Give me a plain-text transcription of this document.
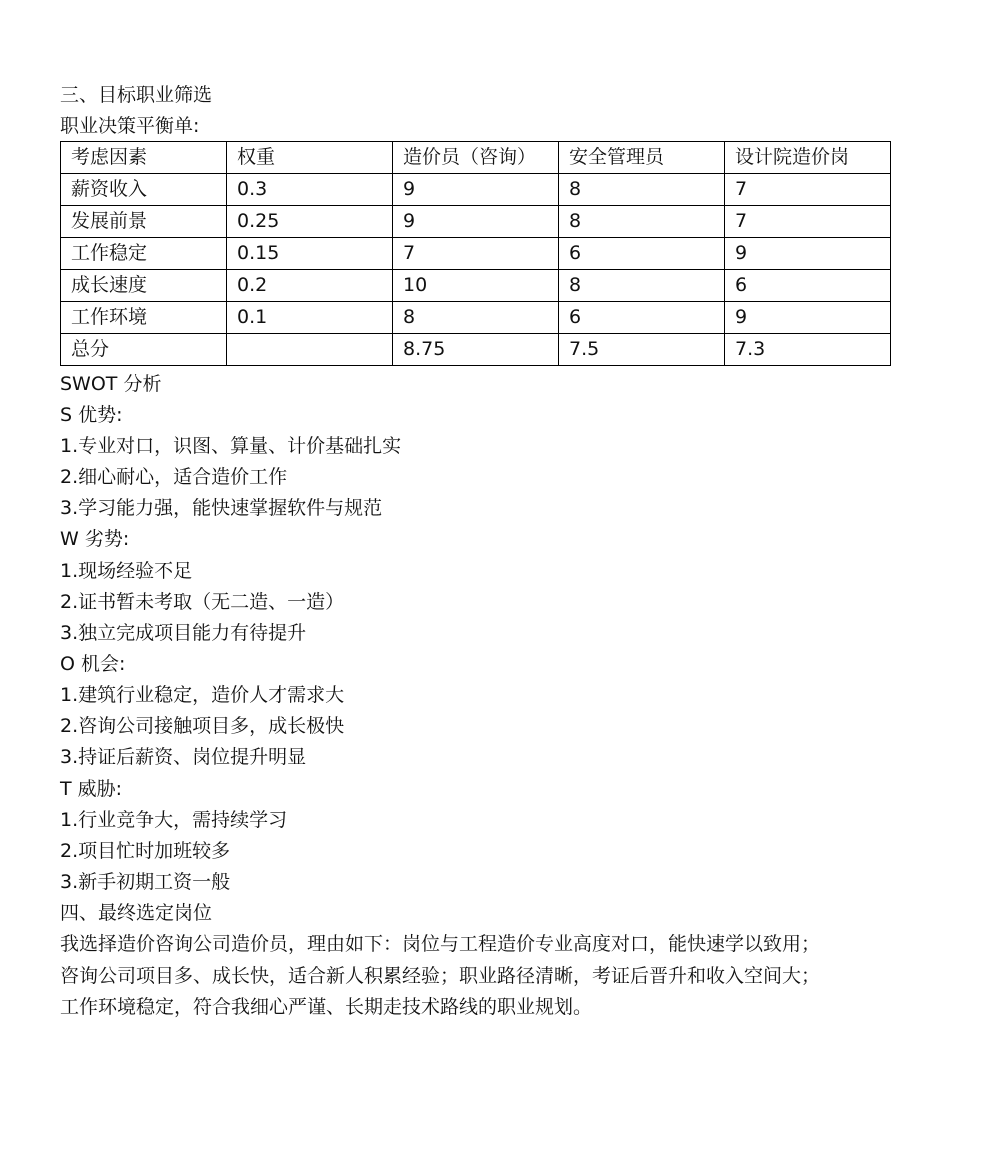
三、目标职业筛选
职业决策平衡单:
考虑因素	权重	造价员（咨询）	安全管理员	设计院造价岗
薪资收入	0.3	9	8	7
发展前景	0.25	9	8	7
工作稳定	0.15	7	6	9
成长速度	0.2	10	8	6
工作环境	0.1	8	6	9
总分		8.75	7.5	7.3
SWOT 分析
S 优势:
1.专业对口，识图、算量、计价基础扎实
2.细心耐心，适合造价工作
3.学习能力强，能快速掌握软件与规范
W 劣势:
1.现场经验不足
2.证书暂未考取（无二造、一造）
3.独立完成项目能力有待提升
O 机会:
1.建筑行业稳定，造价人才需求大
2.咨询公司接触项目多，成长极快
3.持证后薪资、岗位提升明显
T 威胁:
1.行业竞争大，需持续学习
2.项目忙时加班较多
3.新手初期工资一般
四、最终选定岗位
我选择造价咨询公司造价员，理由如下：岗位与工程造价专业高度对口，能快速学以致用；
咨询公司项目多、成长快，适合新人积累经验；职业路径清晰，考证后晋升和收入空间大；
工作环境稳定，符合我细心严谨、长期走技术路线的职业规划。
